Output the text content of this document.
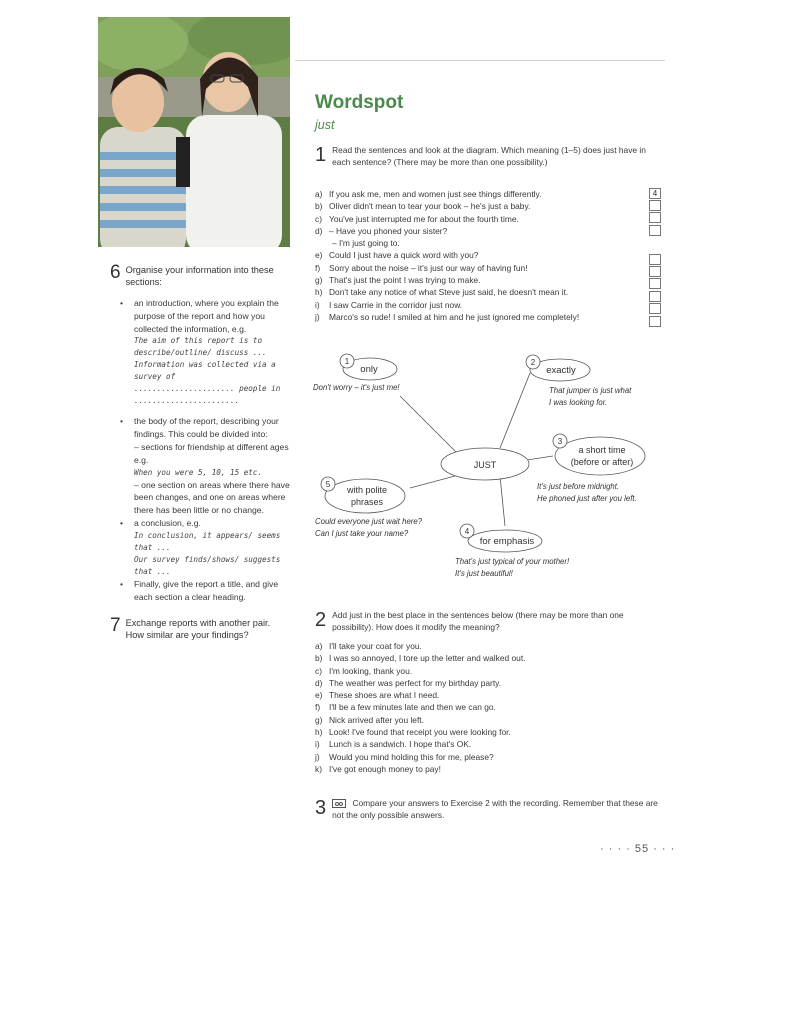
6 Organise your information into these sections:
• an introduction, where you explain the purpose of the report and how you collected the information, e.g.
The aim of this report is to describe/outline/ discuss ...
Information was collected via a survey of
...................... people in
.......................
• the body of the report, describing your findings. This could be divided into:
– sections for friendship at different ages e.g.
When you were 5, 10, 15 etc.
– one section on areas where there have been changes, and one on areas where there has been little or no change.
• a conclusion, e.g.
In conclusion, it appears/ seems that ...
Our survey finds/shows/ suggests that ...
• Finally, give the report a title, and give each section a clear heading.
7 Exchange reports with another pair. How similar are your findings?
Wordspot
just
1 Read the sentences and look at the diagram. Which meaning (1–5) does just have in each sentence? (There may be more than one possibility.)
a) If you ask me, men and women just see things differently.
b) Oliver didn't mean to tear your book – he's just a baby.
c) You've just interrupted me for about the fourth time.
d) – Have you phoned your sister?
– I'm just going to.
e) Could I just have a quick word with you?
f) Sorry about the noise – it's just our way of having fun!
g) That's just the point I was trying to make.
h) Don't take any notice of what Steve just said, he doesn't mean it.
i) I saw Carrie in the corridor just now.
j) Marco's so rude! I smiled at him and he just ignored me completely!
4
JUST
1
only
Don't worry – it's just me!
2
exactly
That jumper is just what
I was looking for.
3
a short time
(before or after)
It's just before midnight.
He phoned just after you left.
4
for emphasis
That's just typical of your mother!
It's just beautiful!
5
with polite
phrases
Could everyone just wait here?
Can I just take your name?
2 Add just in the best place in the sentences below (there may be more than one possibility). How does it modify the meaning?
a) I'll take your coat for you.
b) I was so annoyed, I tore up the letter and walked out.
c) I'm looking, thank you.
d) The weather was perfect for my birthday party.
e) These shoes are what I need.
f) I'll be a few minutes late and then we can go.
g) Nick arrived after you left.
h) Look! I've found that receipt you were looking for.
i) Lunch is a sandwich. I hope that's OK.
j) Would you mind holding this for me, please?
k) I've got enough money to pay!
3	Compare your answers to Exercise 2 with the recording. Remember that these are not the only possible answers.
· · · · 55 · · ·
